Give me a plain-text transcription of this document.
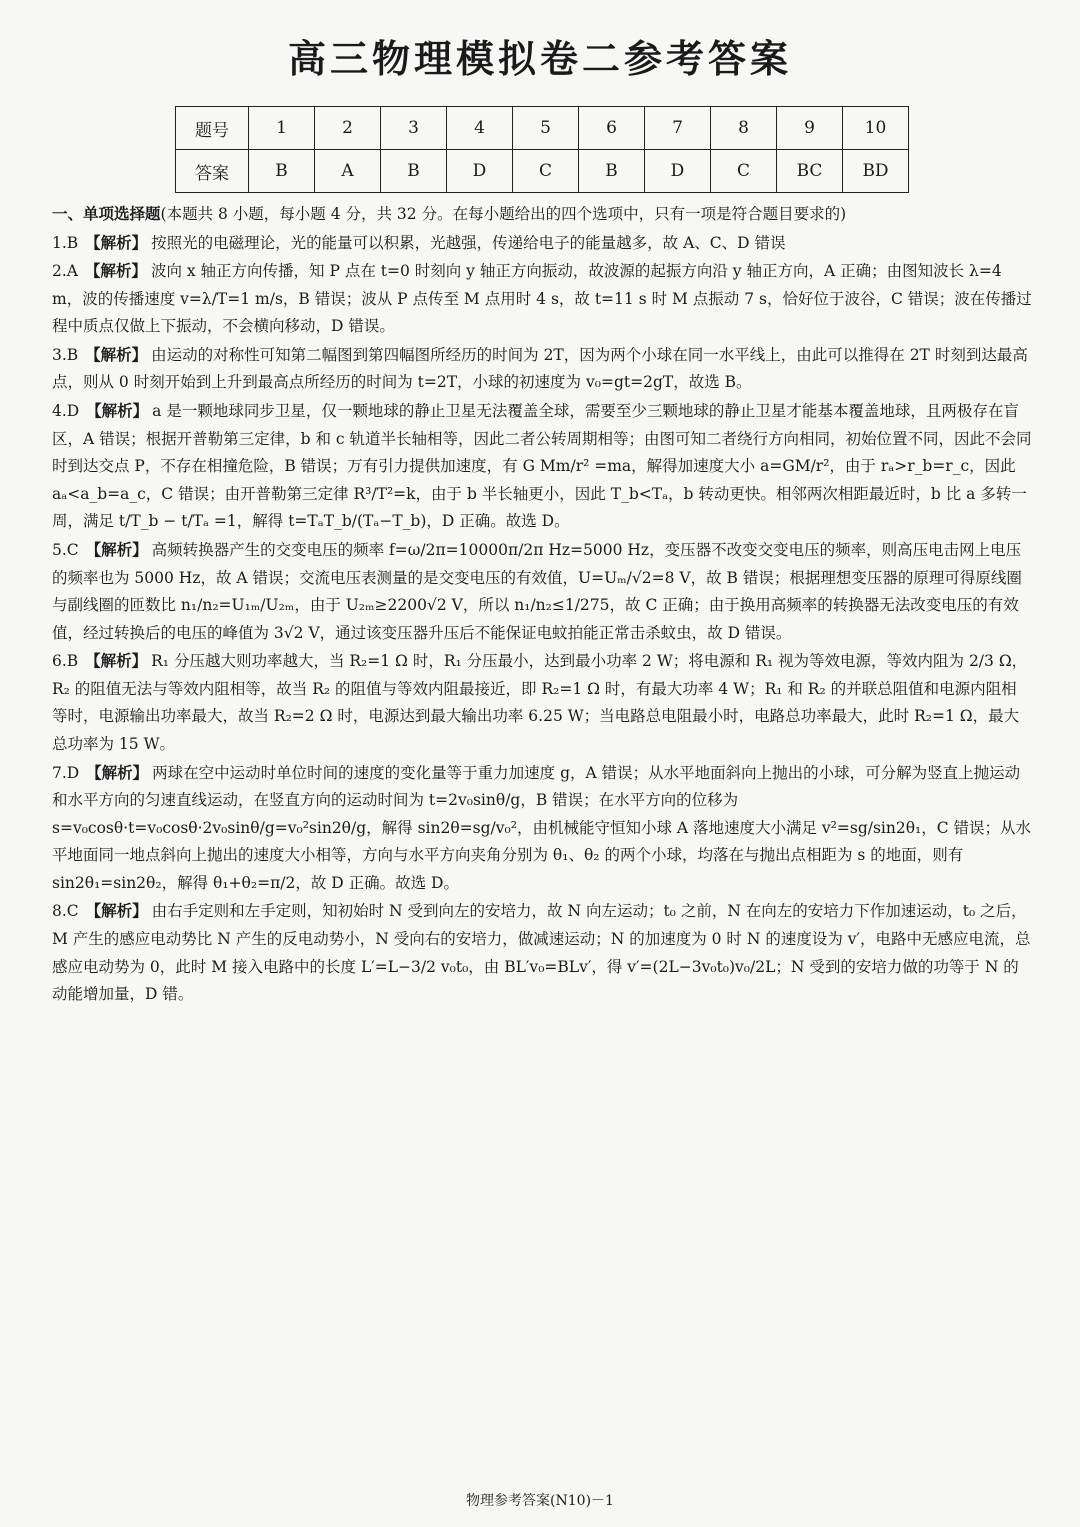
高三物理模拟卷二参考答案
题号	1	2	3	4	5	6	7	8	9	10
答案	B	A	B	D	C	B	D	C	BC	BD

一、单项选择题(本题共 8 小题，每小题 4 分，共 32 分。在每小题给出的四个选项中，只有一项是符合题目要求的)

1.B 【解析】 按照光的电磁理论，光的能量可以积累，光越强，传递给电子的能量越多，故 A、C、D 错误

2.A 【解析】 波向 x 轴正方向传播，知 P 点在 t=0 时刻向 y 轴正方向振动，故波源的起振方向沿 y 轴正方向，A 正确；由图知波长 λ=4 m，波的传播速度 v=λ/T=1 m/s，B 错误；波从 P 点传至 M 点用时 4 s，故 t=11 s 时 M 点振动 7 s，恰好位于波谷，C 错误；波在传播过程中质点仅做上下振动，不会横向移动，D 错误。

3.B 【解析】 由运动的对称性可知第二幅图到第四幅图所经历的时间为 2T，因为两个小球在同一水平线上，由此可以推得在 2T 时刻到达最高点，则从 0 时刻开始到上升到最高点所经历的时间为 t=2T，小球的初速度为 v₀=gt=2gT，故选 B。

4.D 【解析】 a 是一颗地球同步卫星，仅一颗地球的静止卫星无法覆盖全球，需要至少三颗地球的静止卫星才能基本覆盖地球，且两极存在盲区，A 错误；根据开普勒第三定律，b 和 c 轨道半长轴相等，因此二者公转周期相等；由图可知二者绕行方向相同，初始位置不同，因此不会同时到达交点 P，不存在相撞危险，B 错误；万有引力提供加速度，有 G Mm/r² =ma，解得加速度大小 a=GM/r²，由于 rₐ>r_b=r_c，因此 aₐ<a_b=a_c，C 错误；由开普勒第三定律 R³/T²=k，由于 b 半长轴更小，因此 T_b<Tₐ，b 转动更快。相邻两次相距最近时，b 比 a 多转一周，满足 t/T_b − t/Tₐ =1，解得 t=TₐT_b/(Tₐ−T_b)，D 正确。故选 D。

5.C 【解析】 高频转换器产生的交变电压的频率 f=ω/2π=10000π/2π Hz=5000 Hz，变压器不改变交变电压的频率，则高压电击网上电压的频率也为 5000 Hz，故 A 错误；交流电压表测量的是交变电压的有效值，U=Uₘ/√2=8 V，故 B 错误；根据理想变压器的原理可得原线圈与副线圈的匝数比 n₁/n₂=U₁ₘ/U₂ₘ，由于 U₂ₘ≥2200√2 V，所以 n₁/n₂≤1/275，故 C 正确；由于换用高频率的转换器无法改变电压的有效值，经过转换后的电压的峰值为 3√2 V，通过该变压器升压后不能保证电蚊拍能正常击杀蚊虫，故 D 错误。

6.B 【解析】 R₁ 分压越大则功率越大，当 R₂=1 Ω 时，R₁ 分压最小，达到最小功率 2 W；将电源和 R₁ 视为等效电源，等效内阻为 2/3 Ω，R₂ 的阻值无法与等效内阻相等，故当 R₂ 的阻值与等效内阻最接近，即 R₂=1 Ω 时，有最大功率 4 W；R₁ 和 R₂ 的并联总阻值和电源内阻相等时，电源输出功率最大，故当 R₂=2 Ω 时，电源达到最大输出功率 6.25 W；当电路总电阻最小时，电路总功率最大，此时 R₂=1 Ω，最大总功率为 15 W。

7.D 【解析】 两球在空中运动时单位时间的速度的变化量等于重力加速度 g，A 错误；从水平地面斜向上抛出的小球，可分解为竖直上抛运动和水平方向的匀速直线运动，在竖直方向的运动时间为 t=2v₀sinθ/g，B 错误；在水平方向的位移为 s=v₀cosθ·t=v₀cosθ·2v₀sinθ/g=v₀²sin2θ/g，解得 sin2θ=sg/v₀²，由机械能守恒知小球 A 落地速度大小满足 v²=sg/sin2θ₁，C 错误；从水平地面同一地点斜向上抛出的速度大小相等，方向与水平方向夹角分别为 θ₁、θ₂ 的两个小球，均落在与抛出点相距为 s 的地面，则有 sin2θ₁=sin2θ₂，解得 θ₁+θ₂=π/2，故 D 正确。故选 D。

8.C 【解析】 由右手定则和左手定则，知初始时 N 受到向左的安培力，故 N 向左运动；t₀ 之前，N 在向左的安培力下作加速运动，t₀ 之后，M 产生的感应电动势比 N 产生的反电动势小，N 受向右的安培力，做减速运动；N 的加速度为 0 时 N 的速度设为 v′，电路中无感应电流，总感应电动势为 0，此时 M 接入电路中的长度 L′=L−3/2 v₀t₀，由 BL′v₀=BLv′，得 v′=(2L−3v₀t₀)v₀/2L；N 受到的安培力做的功等于 N 的动能增加量，D 错。

物理参考答案(N10)－1
